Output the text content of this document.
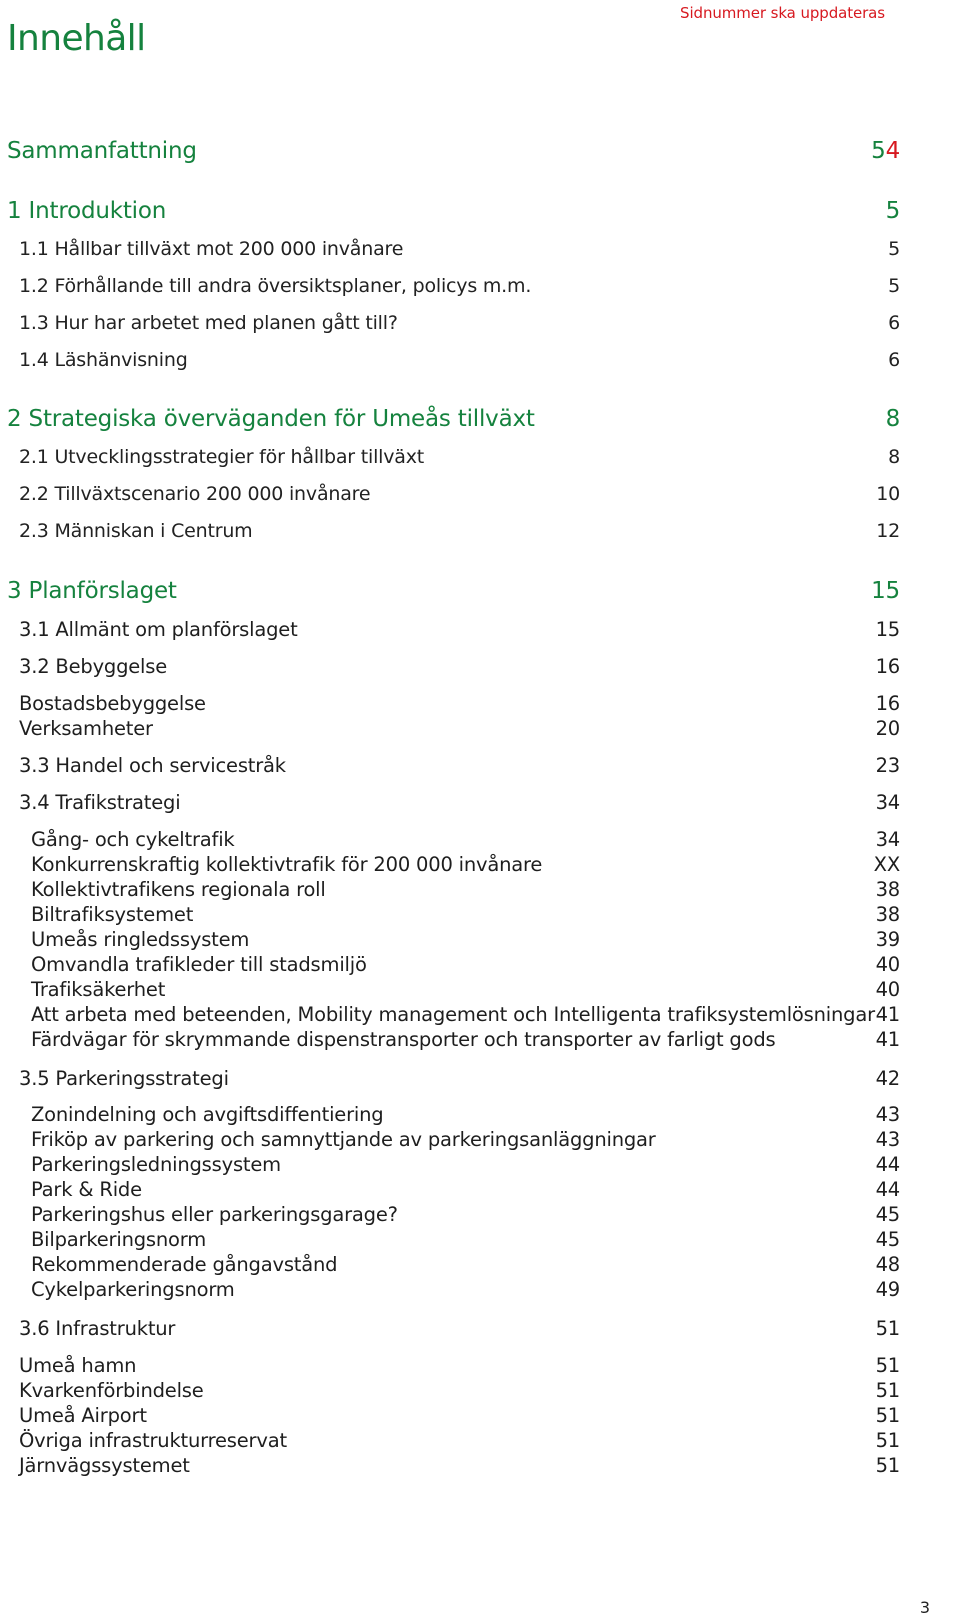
Sidnummer ska uppdateras
Innehåll
Sammanfattning	54
1 Introduktion	5
1.1 Hållbar tillväxt mot 200 000 invånare	5
1.2 Förhållande till andra översiktsplaner, policys m.m.	5
1.3 Hur har arbetet med planen gått till?	6
1.4 Läshänvisning	6
2 Strategiska överväganden för Umeås tillväxt	8
2.1 Utvecklingsstrategier för hållbar tillväxt	8
2.2 Tillväxtscenario 200 000 invånare	10
2.3 Människan i Centrum	12
3 Planförslaget	15
3.1 Allmänt om planförslaget	15
3.2 Bebyggelse	16
Bostadsbebyggelse	16
Verksamheter	20
3.3 Handel och servicestråk	23
3.4 Trafikstrategi	34
Gång- och cykeltrafik	34
Konkurrenskraftig kollektivtrafik för 200 000 invånare	XX
Kollektivtrafikens regionala roll	38
Biltrafiksystemet	38
Umeås ringledssystem	39
Omvandla trafikleder till stadsmiljö	40
Trafiksäkerhet	40
Att arbeta med beteenden, Mobility management och Intelligenta trafiksystemlösningar 41
Färdvägar för skrymmande dispenstransporter och transporter av farligt gods	41
3.5 Parkeringsstrategi	42
Zonindelning och avgiftsdiffentiering	43
Friköp av parkering och samnyttjande av parkeringsanläggningar	43
Parkeringsledningssystem	44
Park & Ride	44
Parkeringshus eller parkeringsgarage?	45
Bilparkeringsnorm	45
Rekommenderade gångavstånd	48
Cykelparkeringsnorm	49
3.6 Infrastruktur	51
Umeå hamn	51
Kvarkenförbindelse	51
Umeå Airport	51
Övriga infrastrukturreservat	51
Järnvägssystemet	51
3
